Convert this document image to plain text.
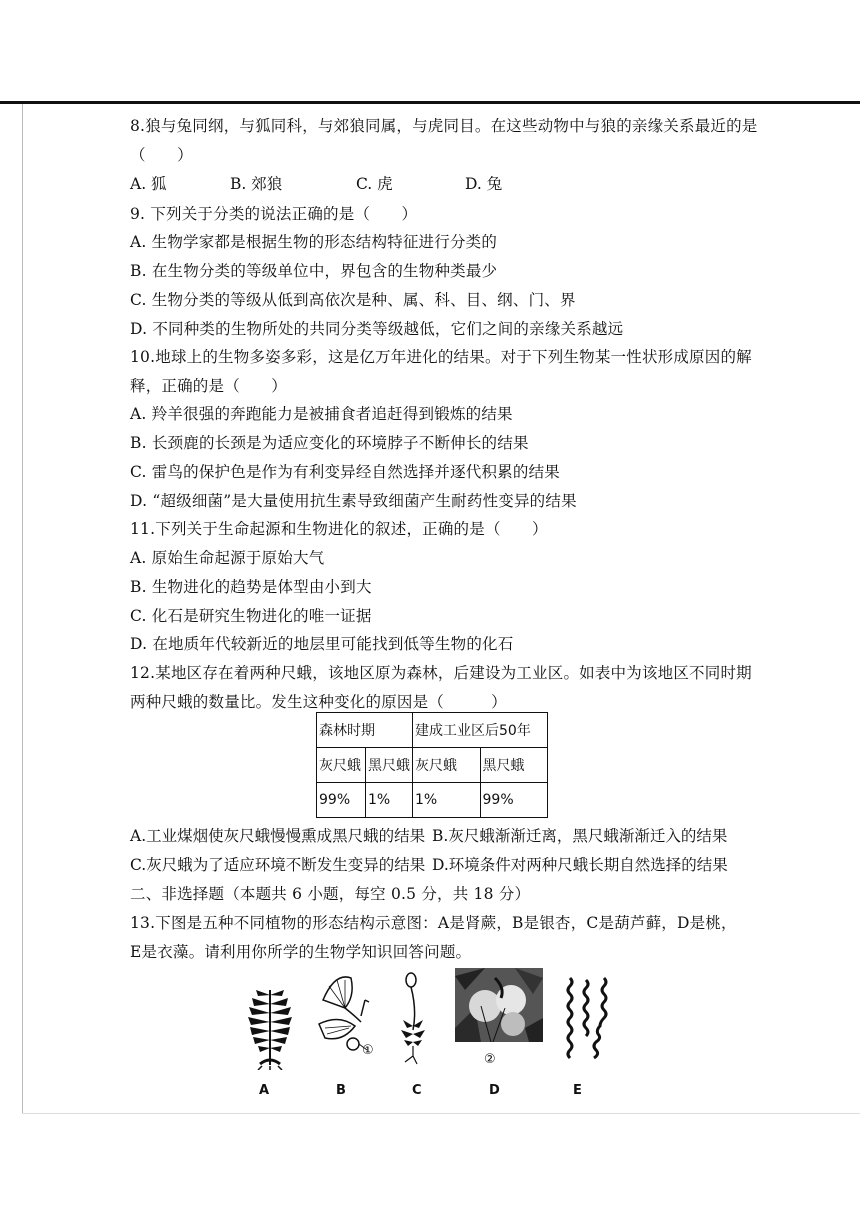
8.狼与兔同纲，与狐同科，与郊狼同属，与虎同目。在这些动物中与狼的亲缘关系最近的是
（　　）
A. 狐	B. 郊狼	C. 虎	D. 兔
9. 下列关于分类的说法正确的是（　　）
A. 生物学家都是根据生物的形态结构特征进行分类的
B. 在生物分类的等级单位中，界包含的生物种类最少
C. 生物分类的等级从低到高依次是种、属、科、目、纲、门、界
D. 不同种类的生物所处的共同分类等级越低，它们之间的亲缘关系越远
10.地球上的生物多姿多彩，这是亿万年进化的结果。对于下列生物某一性状形成原因的解
释，正确的是（　　）
A. 羚羊很强的奔跑能力是被捕食者追赶得到锻炼的结果
B. 长颈鹿的长颈是为适应变化的环境脖子不断伸长的结果
C. 雷鸟的保护色是作为有利变异经自然选择并逐代积累的结果
D. “超级细菌”是大量使用抗生素导致细菌产生耐药性变异的结果
11.下列关于生命起源和生物进化的叙述，正确的是（　　）
A. 原始生命起源于原始大气
B. 生物进化的趋势是体型由小到大
C. 化石是研究生物进化的唯一证据
D. 在地质年代较新近的地层里可能找到低等生物的化石
12.某地区存在着两种尺蛾，该地区原为森林，后建设为工业区。如表中为该地区不同时期
两种尺蛾的数量比。发生这种变化的原因是（　　　）
森林时期		建成工业区后50年	
灰尺蛾	黑尺蛾	灰尺蛾	黑尺蛾
99%	1%	1%	99%
A.工业煤烟使灰尺蛾慢慢熏成黑尺蛾的结果 B.灰尺蛾渐渐迁离，黑尺蛾渐渐迁入的结果
C.灰尺蛾为了适应环境不断发生变异的结果 D.环境条件对两种尺蛾长期自然选择的结果
二、非选择题（本题共 6 小题，每空 0.5 分，共 18 分）
13.下图是五种不同植物的形态结构示意图：A是肾蕨，B是银杏，C是葫芦藓，D是桃，
E是衣藻。请利用你所学的生物学知识回答问题。
①
②
A	B	C	D	E
